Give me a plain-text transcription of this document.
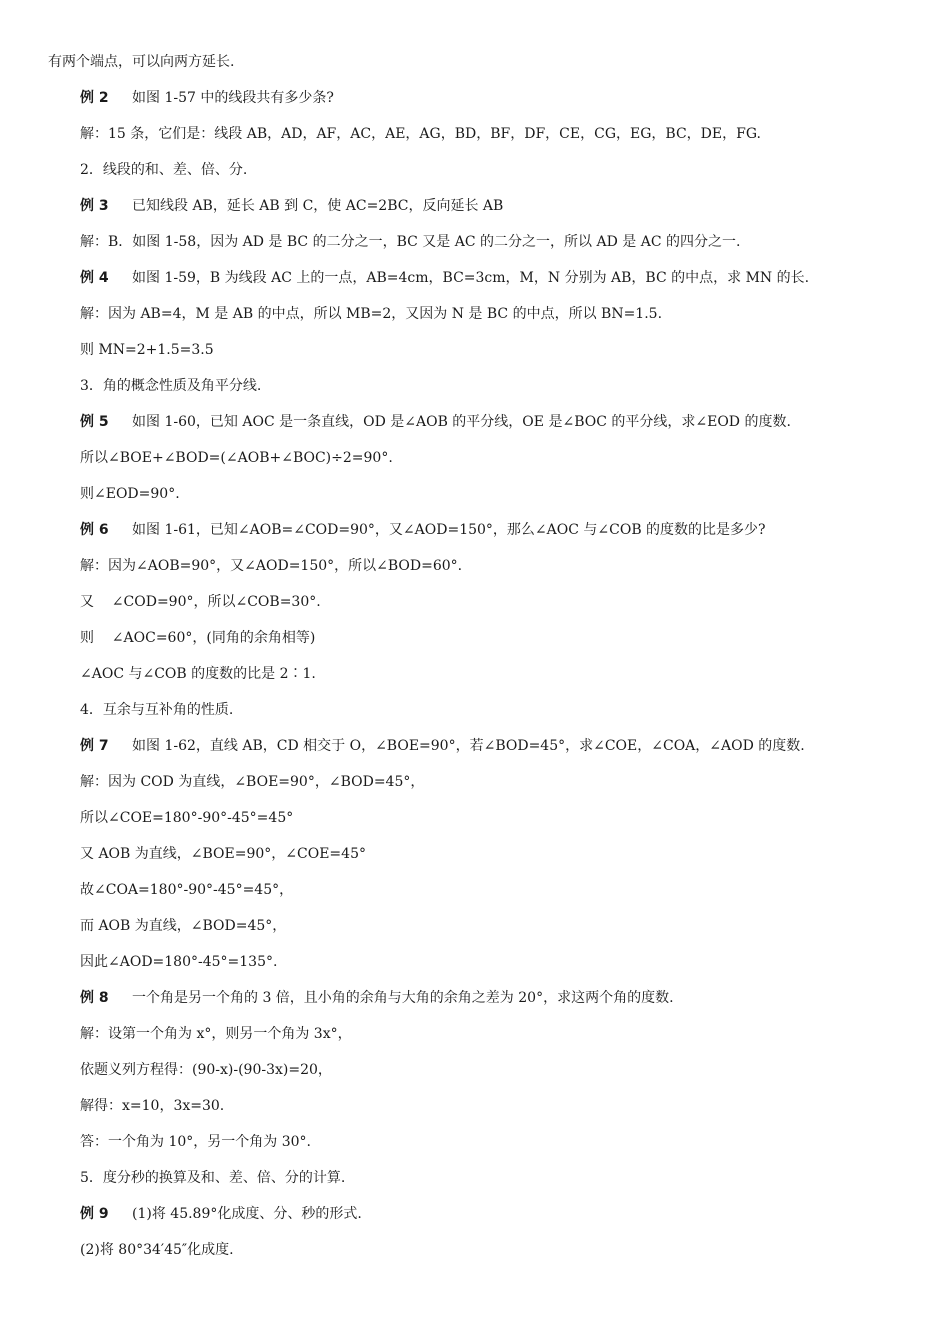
有两个端点，可以向两方延长.
例 2 如图 1-57 中的线段共有多少条?
解：15 条，它们是：线段 AB，AD，AF，AC，AE，AG，BD，BF，DF，CE，CG，EG，BC，DE，FG.
2．线段的和、差、倍、分.
例 3 已知线段 AB，延长 AB 到 C，使 AC=2BC，反向延长 AB
解：B．如图 1-58，因为 AD 是 BC 的二分之一，BC 又是 AC 的二分之一，所以 AD 是 AC 的四分之一.
例 4 如图 1-59，B 为线段 AC 上的一点，AB=4cm，BC=3cm，M，N 分别为 AB，BC 的中点，求 MN 的长.
解：因为 AB=4，M 是 AB 的中点，所以 MB=2，又因为 N 是 BC 的中点，所以 BN=1.5.
则 MN=2+1.5=3.5
3．角的概念性质及角平分线.
例 5 如图 1-60，已知 AOC 是一条直线，OD 是∠AOB 的平分线，OE 是∠BOC 的平分线，求∠EOD 的度数.
所以∠BOE+∠BOD=(∠AOB+∠BOC)÷2=90°.
则∠EOD=90°.
例 6 如图 1-61，已知∠AOB=∠COD=90°，又∠AOD=150°，那么∠AOC 与∠COB 的度数的比是多少?
解：因为∠AOB=90°，又∠AOD=150°，所以∠BOD=60°.
又    ∠COD=90°，所以∠COB=30°.
则    ∠AOC=60°，(同角的余角相等)
∠AOC 与∠COB 的度数的比是 2∶1.
4．互余与互补角的性质.
例 7 如图 1-62，直线 AB，CD 相交于 O，∠BOE=90°，若∠BOD=45°，求∠COE，∠COA，∠AOD 的度数.
解：因为 COD 为直线，∠BOE=90°，∠BOD=45°，
所以∠COE=180°-90°-45°=45°
又 AOB 为直线，∠BOE=90°，∠COE=45°
故∠COA=180°-90°-45°=45°，
而 AOB 为直线，∠BOD=45°，
因此∠AOD=180°-45°=135°.
例 8 一个角是另一个角的 3 倍，且小角的余角与大角的余角之差为 20°，求这两个角的度数.
解：设第一个角为 x°，则另一个角为 3x°，
依题义列方程得：(90-x)-(90-3x)=20，
解得：x=10，3x=30.
答：一个角为 10°，另一个角为 30°.
5．度分秒的换算及和、差、倍、分的计算.
例 9 (1)将 45.89°化成度、分、秒的形式.
(2)将 80°34′45″化成度.
